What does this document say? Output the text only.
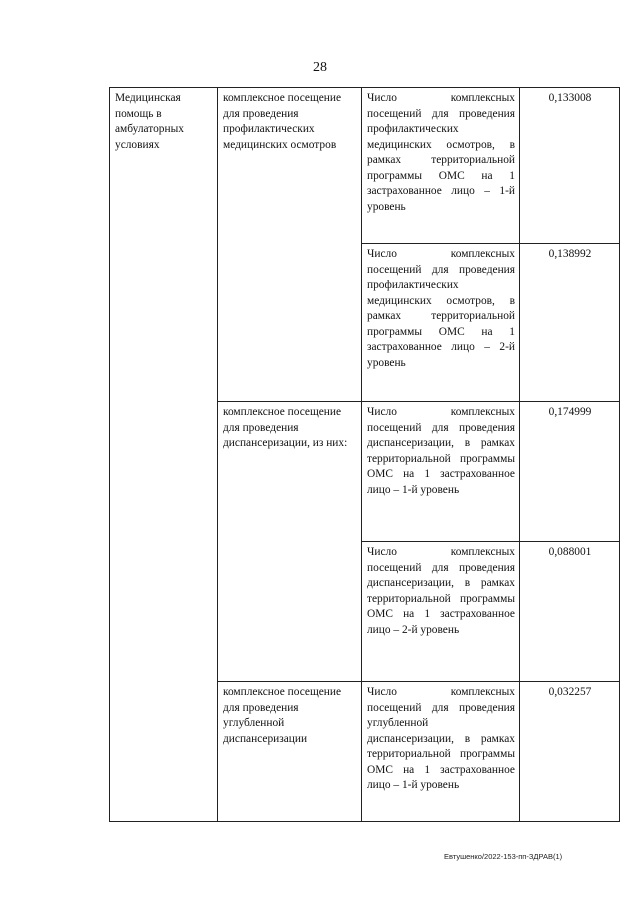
28
Медицинская помощь в амбулаторных условиях	комплексное посещение для проведения профилактических медицинских осмотров	Число комплексных посещений для проведения профилактических медицинских осмотров, в рамках территориальной программы ОМС на 1 застрахованное лицо – 1-й уровень	0,133008
		Число комплексных посещений для проведения профилактических медицинских осмотров, в рамках территориальной программы ОМС на 1 застрахованное лицо – 2-й уровень	0,138992
	комплексное посещение для проведения диспансеризации, из них:	Число комплексных посещений для проведения диспансеризации, в рамках территориальной программы ОМС на 1 застрахованное лицо – 1-й уровень	0,174999
		Число комплексных посещений для проведения диспансеризации, в рамках территориальной программы ОМС на 1 застрахованное лицо – 2-й уровень	0,088001
	комплексное посещение для проведения углубленной диспансеризации	Число комплексных посещений для проведения углубленной диспансеризации, в рамках территориальной программы ОМС на 1 застрахованное лицо – 1-й уровень	0,032257
Евтушенко/2022-153-пп-ЗДРАВ(1)
